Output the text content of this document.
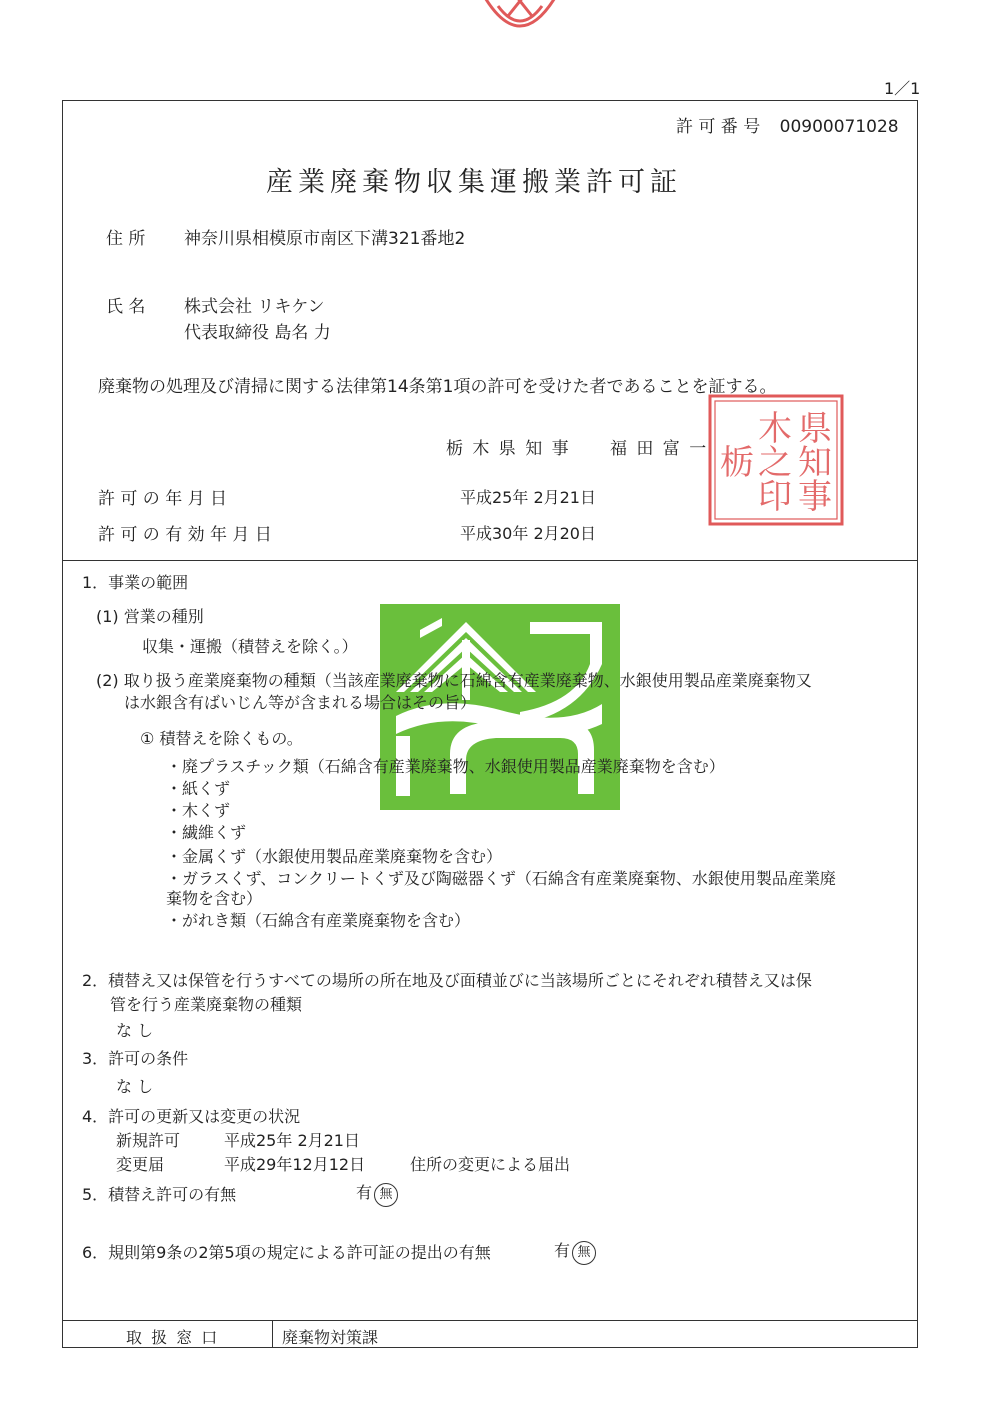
1／1
許 可 番 号 00900071028
産業廃棄物収集運搬業許可証
住 所 神奈川県相模原市南区下溝321番地2
氏 名 株式会社 リキケン
代表取締役 島名 力
廃棄物の処理及び清掃に関する法律第14条第1項の許可を受けた者であることを証する。
栃 木 県 知 事 福 田 富 一	県
知
事
木
之
印
栃
許 可 の 年 月 日	平成25年 2月21日
許 可 の 有 効 年 月 日	平成30年 2月20日
1．事業の範囲
(1) 営業の種別
収集・運搬（積替えを除く。）
(2) 取り扱う産業廃棄物の種類（当該産業廃棄物に石綿含有産業廃棄物、水銀使用製品産業廃棄物又
は水銀含有ばいじん等が含まれる場合はその旨）
① 積替えを除くもの。
・廃プラスチック類（石綿含有産業廃棄物、水銀使用製品産業廃棄物を含む）
・紙くず
・木くず
・繊維くず
・金属くず（水銀使用製品産業廃棄物を含む）
・ガラスくず、コンクリートくず及び陶磁器くず（石綿含有産業廃棄物、水銀使用製品産業廃
棄物を含む）
・がれき類（石綿含有産業廃棄物を含む）
2．積替え又は保管を行うすべての場所の所在地及び面積並びに当該場所ごとにそれぞれ積替え又は保
管を行う産業廃棄物の種類
な し
3．許可の条件
な し
4．許可の更新又は変更の状況
新規許可	平成25年 2月21日
変更届	平成29年12月12日	住所の変更による届出
5．積替え許可の有無	有 無
6．規則第9条の2第5項の規定による許可証の提出の有無	有 無
取 扱 窓 口	廃棄物対策課
